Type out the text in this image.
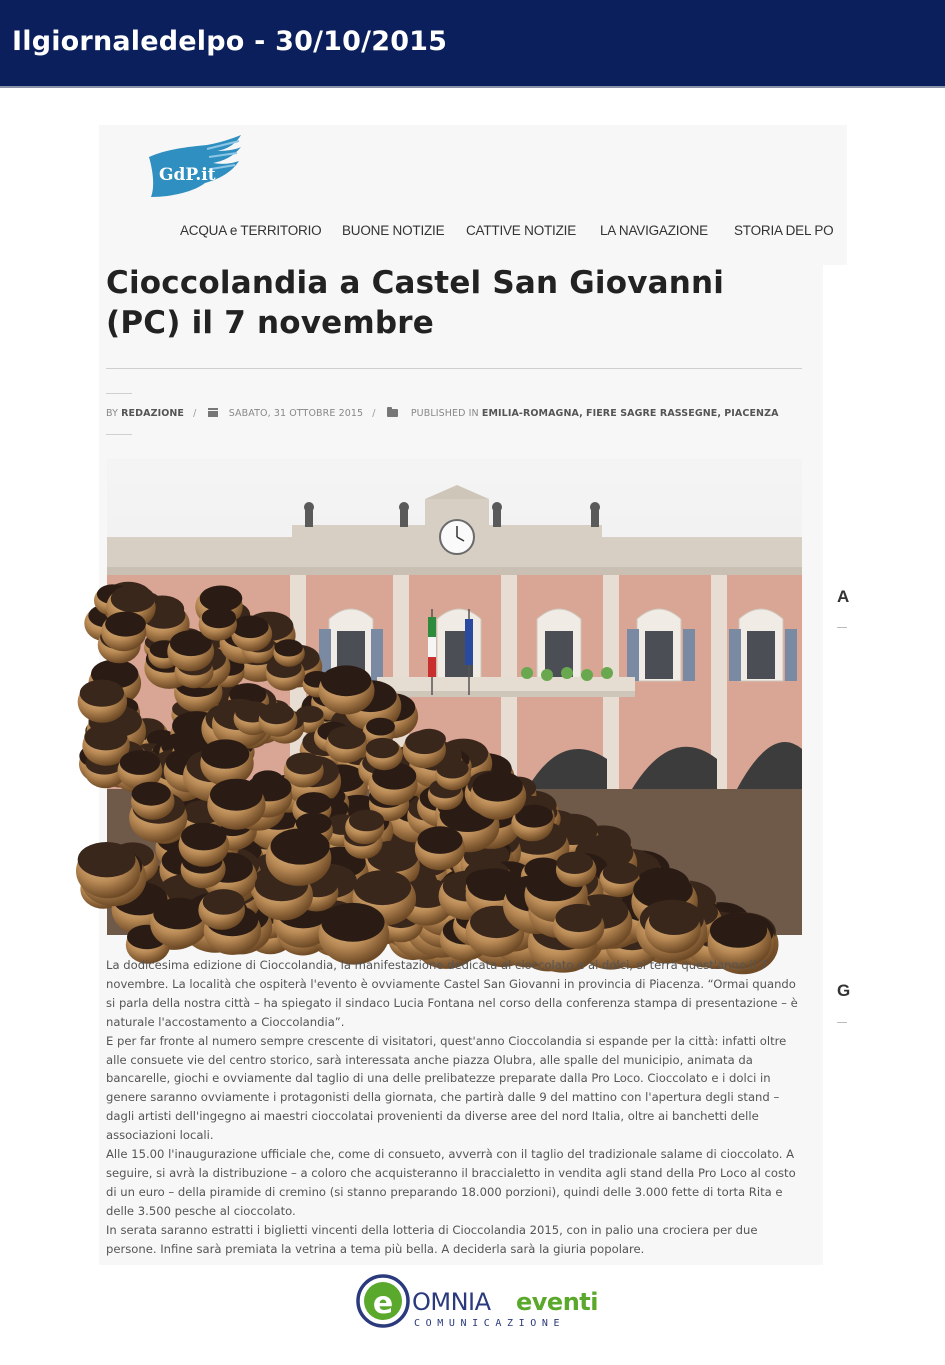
Ilgiornaledelpo - 30/10/2015
A
G
GdP.it
ACQUA e TERRITORIO BUONE NOTIZIE CATTIVE NOTIZIE LA NAVIGAZIONE STORIA DEL PO
Cioccolandia a Castel San Giovanni (PC) il 7 novembre
BY REDAZIONE /	SABATO, 31 OTTOBRE 2015 /	PUBLISHED IN EMILIA-ROMAGNA, FIERE SAGRE RASSEGNE, PIACENZA

La dodicesima edizione di Cioccolandia, la manifestazione dedicata al cioccolato e ai dolci, si terrà quest'anno il 7 novembre. La località che ospiterà l'evento è ovviamente Castel San Giovanni in provincia di Piacenza. “Ormai quando si parla della nostra città – ha spiegato il sindaco Lucia Fontana nel corso della conferenza stampa di presentazione – è naturale l'accostamento a Cioccolandia”.

E per far fronte al numero sempre crescente di visitatori, quest'anno Cioccolandia si espande per la città: infatti oltre alle consuete vie del centro storico, sarà interessata anche piazza Olubra, alle spalle del municipio, animata da bancarelle, giochi e ovviamente dal taglio di una delle prelibatezze preparate dalla Pro Loco. Cioccolato e i dolci in genere saranno ovviamente i protagonisti della giornata, che partirà dalle 9 del mattino con l'apertura degli stand – dagli artisti dell'ingegno ai maestri cioccolatai provenienti da diverse aree del nord Italia, oltre ai banchetti delle associazioni locali.

Alle 15.00 l'inaugurazione ufficiale che, come di consueto, avverrà con il taglio del tradizionale salame di cioccolato. A seguire, si avrà la distribuzione – a coloro che acquisteranno il braccialetto in vendita agli stand della Pro Loco al costo di un euro – della piramide di cremino (si stanno preparando 18.000 porzioni), quindi delle 3.000 fette di torta Rita e delle 3.500 pesche al cioccolato.

In serata saranno estratti i biglietti vincenti della lotteria di Cioccolandia 2015, con in palio una crociera per due persone. Infine sarà premiata la vetrina a tema più bella. A deciderla sarà la giuria popolare.

e OMNIA eventi
COMUNICAZIONE
